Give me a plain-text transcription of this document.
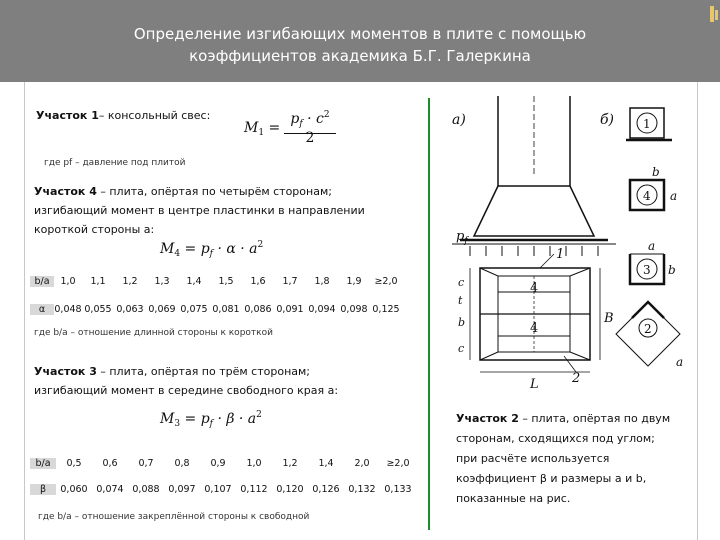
Определение изгибающих моментов в плите с помощью
коэффициентов академика Б.Г. Галеркина
Участок 1– консольный свес:
$M_1$ =
$p_f \cdot c^2$
2
где pf – давление под плитой
Участок 4 – плита, опёртая по четырём сторонам;
изгибающий момент в центре пластинки в направлении
короткой стороны a:
$M_4 = p_f \cdot \alpha \cdot a^2$
b/a	1,0	1,1	1,2	1,3	1,4	1,5	1,6	1,7	1,8	1,9	≥2,0
α 0,048 0,055 0,063 0,069 0,075 0,081 0,086 0,091 0,094 0,098 0,125
где b/a – отношение длинной стороны к короткой
Участок 3 – плита, опёртая по трём сторонам;
изгибающий момент в середине свободного края a:
$M_3 = p_f \cdot \beta \cdot a^2$
b/a	0,5	0,6	0,7	0,8	0,9	1,0	1,2	1,4	2,0	≥2,0
β	0,060 0,074 0,088 0,097 0,107 0,112 0,120 0,126 0,132 0,133
где b/a – отношение закреплённой стороны к свободной
Участок 2 – плита, опёртая по двум
сторонам, сходящихся под углом;
при расчёте используется
коэффициент β и размеры a и b,
показанные на рис.
а)	б)
$p_f$
1
4
4
L
B
c
t
b
c
2
1
4
b
a
3
a
b
2
a
